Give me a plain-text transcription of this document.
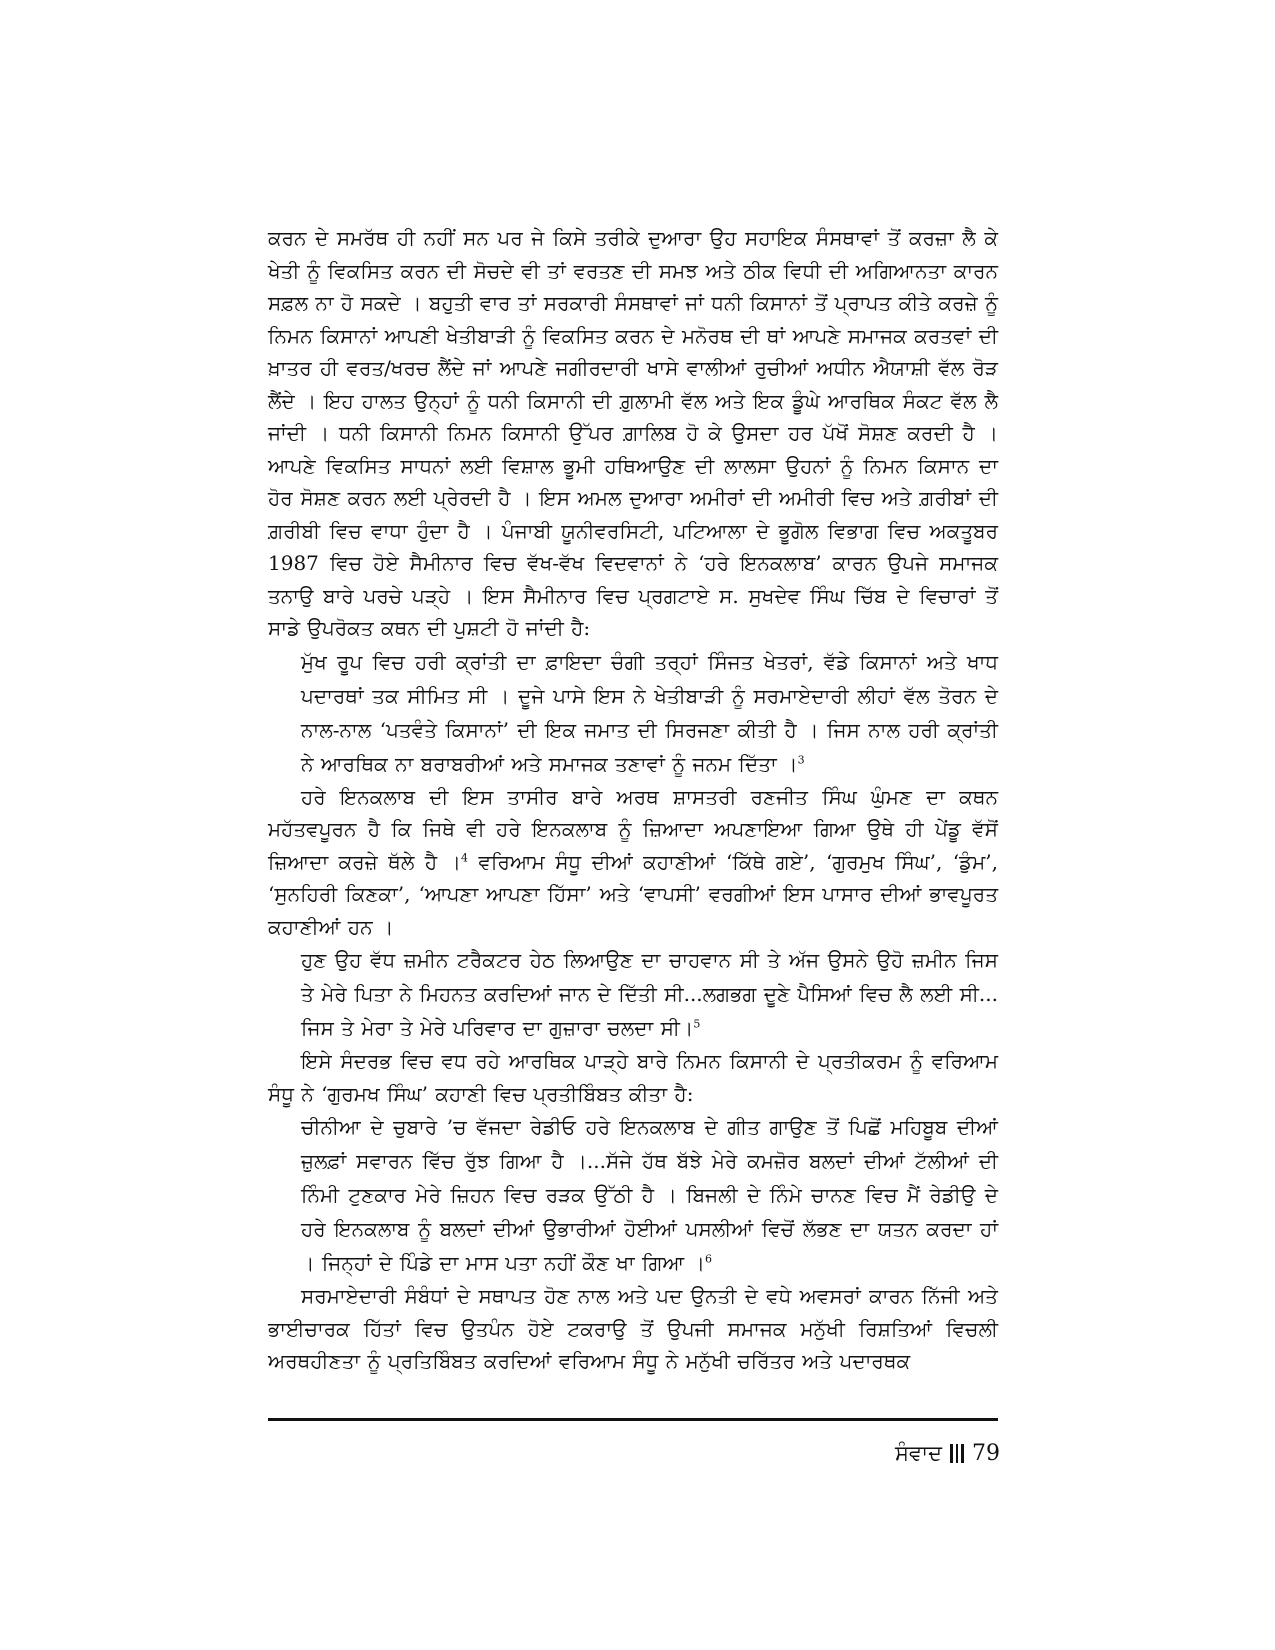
ਕਰਨ ਦੇ ਸਮਰੱਥ ਹੀ ਨਹੀਂ ਸਨ ਪਰ ਜੇ ਕਿਸੇ ਤਰੀਕੇ ਦੁਆਰਾ ਉਹ ਸਹਾਇਕ ਸੰਸਥਾਵਾਂ ਤੋਂ ਕਰਜ਼ਾ ਲੈ ਕੇ ਖੇਤੀ ਨੂੰ ਵਿਕਸਿਤ ਕਰਨ ਦੀ ਸੋਚਦੇ ਵੀ ਤਾਂ ਵਰਤਣ ਦੀ ਸਮਝ ਅਤੇ ਠੀਕ ਵਿਧੀ ਦੀ ਅਗਿਆਨਤਾ ਕਾਰਨ ਸਫ਼ਲ ਨਾ ਹੋ ਸਕਦੇ । ਬਹੁਤੀ ਵਾਰ ਤਾਂ ਸਰਕਾਰੀ ਸੰਸਥਾਵਾਂ ਜਾਂ ਧਨੀ ਕਿਸਾਨਾਂ ਤੋਂ ਪ੍ਰਾਪਤ ਕੀਤੇ ਕਰਜ਼ੇ ਨੂੰ ਨਿਮਨ ਕਿਸਾਨਾਂ ਆਪਣੀ ਖੇਤੀਬਾੜੀ ਨੂੰ ਵਿਕਸਿਤ ਕਰਨ ਦੇ ਮਨੋਰਥ ਦੀ ਥਾਂ ਆਪਣੇ ਸਮਾਜਕ ਕਰਤਵਾਂ ਦੀ ਖ਼ਾਤਰ ਹੀ ਵਰਤ/ਖਰਚ ਲੈਂਦੇ ਜਾਂ ਆਪਣੇ ਜਗੀਰਦਾਰੀ ਖਾਸੇ ਵਾਲੀਆਂ ਰੁਚੀਆਂ ਅਧੀਨ ਐਯਾਸ਼ੀ ਵੱਲ ਰੋੜ ਲੈਂਦੇ । ਇਹ ਹਾਲਤ ਉਨ੍ਹਾਂ ਨੂੰ ਧਨੀ ਕਿਸਾਨੀ ਦੀ ਗ਼ੁਲਾਮੀ ਵੱਲ ਅਤੇ ਇਕ ਡੂੰਘੇ ਆਰਥਿਕ ਸੰਕਟ ਵੱਲ ਲੈ ਜਾਂਦੀ । ਧਨੀ ਕਿਸਾਨੀ ਨਿਮਨ ਕਿਸਾਨੀ ਉੱਪਰ ਗ਼ਾਲਿਬ ਹੋ ਕੇ ਉਸਦਾ ਹਰ ਪੱਖੋਂ ਸੋਸ਼ਣ ਕਰਦੀ ਹੈ । ਆਪਣੇ ਵਿਕਸਿਤ ਸਾਧਨਾਂ ਲਈ ਵਿਸ਼ਾਲ ਭੂਮੀ ਹਥਿਆਉਣ ਦੀ ਲਾਲਸਾ ਉਹਨਾਂ ਨੂੰ ਨਿਮਨ ਕਿਸਾਨ ਦਾ ਹੋਰ ਸੋਸ਼ਣ ਕਰਨ ਲਈ ਪ੍ਰੇਰਦੀ ਹੈ । ਇਸ ਅਮਲ ਦੁਆਰਾ ਅਮੀਰਾਂ ਦੀ ਅਮੀਰੀ ਵਿਚ ਅਤੇ ਗ਼ਰੀਬਾਂ ਦੀ ਗ਼ਰੀਬੀ ਵਿਚ ਵਾਧਾ ਹੁੰਦਾ ਹੈ । ਪੰਜਾਬੀ ਯੂਨੀਵਰਸਿਟੀ, ਪਟਿਆਲਾ ਦੇ ਭੂਗੋਲ ਵਿਭਾਗ ਵਿਚ ਅਕਤੂਬਰ 1987 ਵਿਚ ਹੋਏ ਸੈਮੀਨਾਰ ਵਿਚ ਵੱਖ-ਵੱਖ ਵਿਦਵਾਨਾਂ ਨੇ ‘ਹਰੇ ਇਨਕਲਾਬ’ ਕਾਰਨ ਉਪਜੇ ਸਮਾਜਕ ਤਨਾਉ ਬਾਰੇ ਪਰਚੇ ਪੜ੍ਹੇ । ਇਸ ਸੈਮੀਨਾਰ ਵਿਚ ਪ੍ਰਗਟਾਏ ਸ. ਸੁਖਦੇਵ ਸਿੰਘ ਚਿੱਬ ਦੇ ਵਿਚਾਰਾਂ ਤੋਂ ਸਾਡੇ ਉਪਰੋਕਤ ਕਥਨ ਦੀ ਪੁਸ਼ਟੀ ਹੋ ਜਾਂਦੀ ਹੈ:

ਮੁੱਖ ਰੂਪ ਵਿਚ ਹਰੀ ਕ੍ਰਾਂਤੀ ਦਾ ਫ਼ਾਇਦਾ ਚੰਗੀ ਤਰ੍ਹਾਂ ਸਿੰਜਤ ਖੇਤਰਾਂ, ਵੱਡੇ ਕਿਸਾਨਾਂ ਅਤੇ ਖਾਧ ਪਦਾਰਥਾਂ ਤਕ ਸੀਮਿਤ ਸੀ । ਦੂਜੇ ਪਾਸੇ ਇਸ ਨੇ ਖੇਤੀਬਾੜੀ ਨੂੰ ਸਰਮਾਏਦਾਰੀ ਲੀਹਾਂ ਵੱਲ ਤੋਰਨ ਦੇ ਨਾਲ-ਨਾਲ ‘ਪਤਵੰਤੇ ਕਿਸਾਨਾਂ’ ਦੀ ਇਕ ਜਮਾਤ ਦੀ ਸਿਰਜਣਾ ਕੀਤੀ ਹੈ । ਜਿਸ ਨਾਲ ਹਰੀ ਕ੍ਰਾਂਤੀ ਨੇ ਆਰਥਿਕ ਨਾ ਬਰਾਬਰੀਆਂ ਅਤੇ ਸਮਾਜਕ ਤਣਾਵਾਂ ਨੂੰ ਜਨਮ ਦਿੱਤਾ ।$^3$

ਹਰੇ ਇਨਕਲਾਬ ਦੀ ਇਸ ਤਾਸੀਰ ਬਾਰੇ ਅਰਥ ਸ਼ਾਸਤਰੀ ਰਣਜੀਤ ਸਿੰਘ ਘੁੰਮਣ ਦਾ ਕਥਨ ਮਹੱਤਵਪੂਰਨ ਹੈ ਕਿ ਜਿਥੇ ਵੀ ਹਰੇ ਇਨਕਲਾਬ ਨੂੰ ਜ਼ਿਆਦਾ ਅਪਣਾਇਆ ਗਿਆ ਉਥੇ ਹੀ ਪੇਂਡੂ ਵੱਸੋਂ ਜ਼ਿਆਦਾ ਕਰਜ਼ੇ ਥੱਲੇ ਹੈ ।$^4$ ਵਰਿਆਮ ਸੰਧੂ ਦੀਆਂ ਕਹਾਣੀਆਂ ‘ਕਿੱਥੇ ਗਏ’, ‘ਗੁਰਮੁਖ ਸਿੰਘ’, ‘ਡੁੰਮ’, ‘ਸੁਨਹਿਰੀ ਕਿਣਕਾ’, ‘ਆਪਣਾ ਆਪਣਾ ਹਿੱਸਾ’ ਅਤੇ ‘ਵਾਪਸੀ’ ਵਰਗੀਆਂ ਇਸ ਪਾਸਾਰ ਦੀਆਂ ਭਾਵਪੂਰਤ ਕਹਾਣੀਆਂ ਹਨ ।

ਹੁਣ ਉਹ ਵੱਧ ਜ਼ਮੀਨ ਟਰੈਕਟਰ ਹੇਠ ਲਿਆਉਣ ਦਾ ਚਾਹਵਾਨ ਸੀ ਤੇ ਅੱਜ ਉਸਨੇ ਉਹੋ ਜ਼ਮੀਨ ਜਿਸ ਤੇ ਮੇਰੇ ਪਿਤਾ ਨੇ ਮਿਹਨਤ ਕਰਦਿਆਂ ਜਾਨ ਦੇ ਦਿੱਤੀ ਸੀ...ਲਗਭਗ ਦੂਣੇ ਪੈਸਿਆਂ ਵਿਚ ਲੈ ਲਈ ਸੀ... ਜਿਸ ਤੇ ਮੇਰਾ ਤੇ ਮੇਰੇ ਪਰਿਵਾਰ ਦਾ ਗੁਜ਼ਾਰਾ ਚਲਦਾ ਸੀ।$^5$

ਇਸੇ ਸੰਦਰਭ ਵਿਚ ਵਧ ਰਹੇ ਆਰਥਿਕ ਪਾੜ੍ਹੇ ਬਾਰੇ ਨਿਮਨ ਕਿਸਾਨੀ ਦੇ ਪ੍ਰਤੀਕਰਮ ਨੂੰ ਵਰਿਆਮ ਸੰਧੂ ਨੇ ‘ਗੁਰਮਖ ਸਿੰਘ’ ਕਹਾਣੀ ਵਿਚ ਪ੍ਰਤੀਬਿੰਬਤ ਕੀਤਾ ਹੈ:

ਚੀਨੀਆ ਦੇ ਚੁਬਾਰੇ ’ਚ ਵੱਜਦਾ ਰੇਡੀਓ ਹਰੇ ਇਨਕਲਾਬ ਦੇ ਗੀਤ ਗਾਉਣ ਤੋਂ ਪਿਛੋਂ ਮਹਿਬੂਬ ਦੀਆਂ ਜ਼ੁਲਫ਼ਾਂ ਸਵਾਰਨ ਵਿੱਚ ਰੁੱਝ ਗਿਆ ਹੈ ।...ਸੱਜੇ ਹੱਥ ਬੱਝੇ ਮੇਰੇ ਕਮਜ਼ੋਰ ਬਲਦਾਂ ਦੀਆਂ ਟੱਲੀਆਂ ਦੀ ਨਿੰਮੀ ਟੁਣਕਾਰ ਮੇਰੇ ਜ਼ਿਹਨ ਵਿਚ ਰੜਕ ਉੱਠੀ ਹੈ । ਬਿਜਲੀ ਦੇ ਨਿੰਮੇ ਚਾਨਣ ਵਿਚ ਮੈਂ ਰੇਡੀਉ ਦੇ ਹਰੇ ਇਨਕਲਾਬ ਨੂੰ ਬਲਦਾਂ ਦੀਆਂ ਉਭਾਰੀਆਂ ਹੋਈਆਂ ਪਸਲੀਆਂ ਵਿਚੋਂ ਲੱਭਣ ਦਾ ਯਤਨ ਕਰਦਾ ਹਾਂ । ਜਿਨ੍ਹਾਂ ਦੇ ਪਿੰਡੇ ਦਾ ਮਾਸ ਪਤਾ ਨਹੀਂ ਕੌਣ ਖਾ ਗਿਆ ।$^6$

ਸਰਮਾਏਦਾਰੀ ਸੰਬੰਧਾਂ ਦੇ ਸਥਾਪਤ ਹੋਣ ਨਾਲ ਅਤੇ ਪਦ ਉਨਤੀ ਦੇ ਵਧੇ ਅਵਸਰਾਂ ਕਾਰਨ ਨਿੱਜੀ ਅਤੇ ਭਾਈਚਾਰਕ ਹਿੱਤਾਂ ਵਿਚ ਉਤਪੰਨ ਹੋਏ ਟਕਰਾਉ ਤੋਂ ਉਪਜੀ ਸਮਾਜਕ ਮਨੁੱਖੀ ਰਿਸ਼ਤਿਆਂ ਵਿਚਲੀ ਅਰਥਹੀਣਤਾ ਨੂੰ ਪ੍ਰਤਿਬਿੰਬਤ ਕਰਦਿਆਂ ਵਰਿਆਮ ਸੰਧੂ ਨੇ ਮਨੁੱਖੀ ਚਰਿੱਤਰ ਅਤੇ ਪਦਾਰਥਕ

ਸੰਵਾਦ 79
